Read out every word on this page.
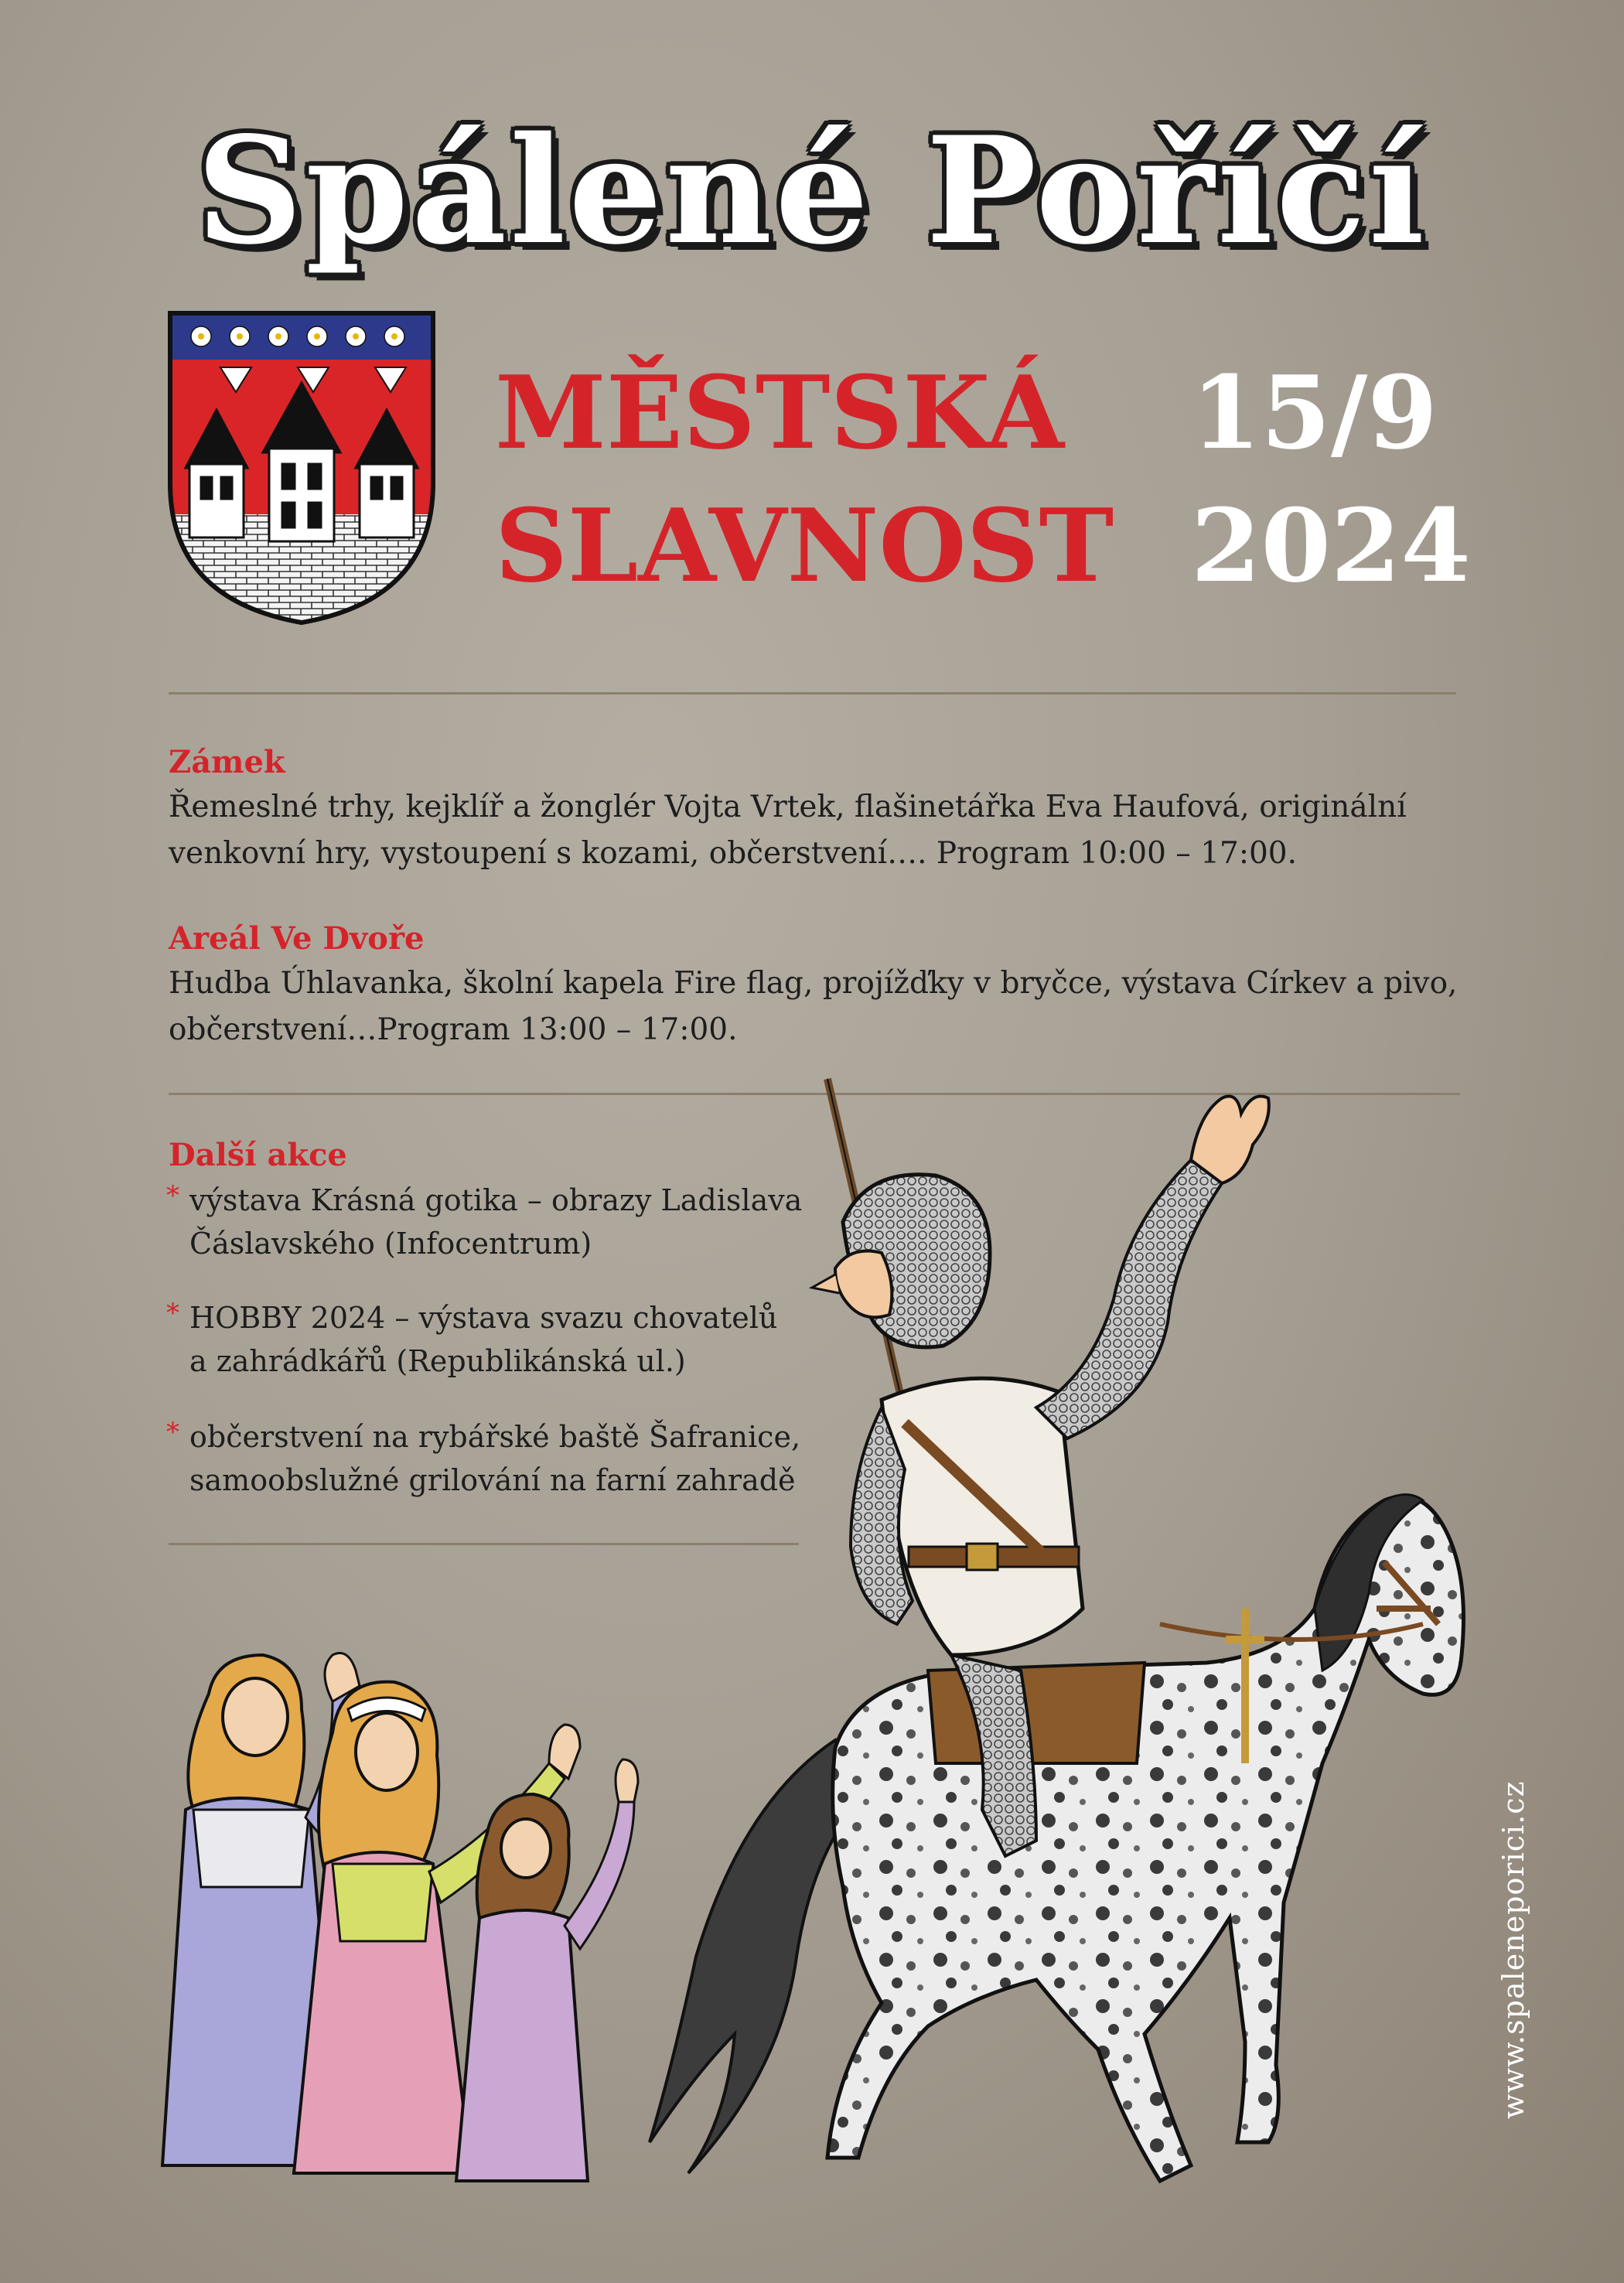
Spálené Poříčí
MĚSTSKÁ
SLAVNOST
15/9
2024
Zámek
Řemeslné trhy, kejklíř a žonglér Vojta Vrtek, flašinetářka Eva Haufová, originální
venkovní hry, vystoupení s kozami, občerstvení…. Program 10:00 – 17:00.
Areál Ve Dvoře
Hudba Úhlavanka, školní kapela Fire flag, projížďky v bryčce, výstava Církev a pivo,
občerstvení…Program 13:00 – 17:00.
Další akce
* výstava Krásná gotika – obrazy Ladislava
Čáslavského (Infocentrum)
* HOBBY 2024 – výstava svazu chovatelů
a zahrádkářů (Republikánská ul.)
* občerstvení na rybářské baště Šafranice,
samoobslužné grilování na farní zahradě
www.spaleneporici.cz
